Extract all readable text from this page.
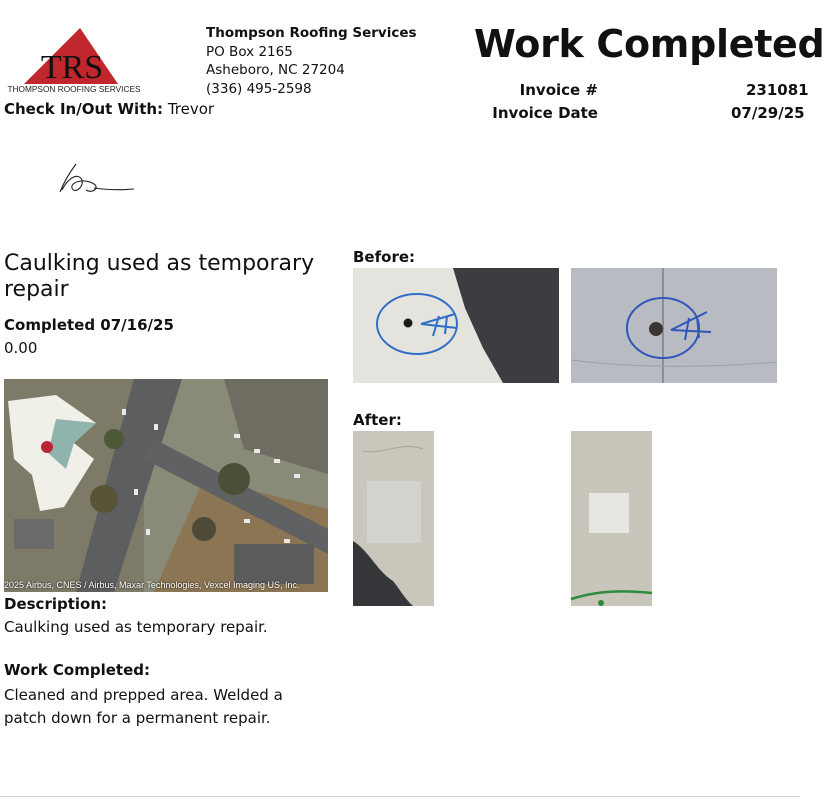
TRS
THOMPSON ROOFING SERVICES
Thompson Roofing Services
PO Box 2165
Asheboro, NC 27204
(336) 495-2598
Work Completed
Invoice #	231081
Invoice Date	07/29/25
Check In/Out With: Trevor
Caulking used as temporary repair
Completed 07/16/25
0.00
2025 Airbus, CNES / Airbus, Maxar Technologies, Vexcel Imaging US, Inc.
Description:
Caulking used as temporary repair.
Work Completed:
Cleaned and prepped area. Welded a patch down for a permanent repair.
Before:
After:
